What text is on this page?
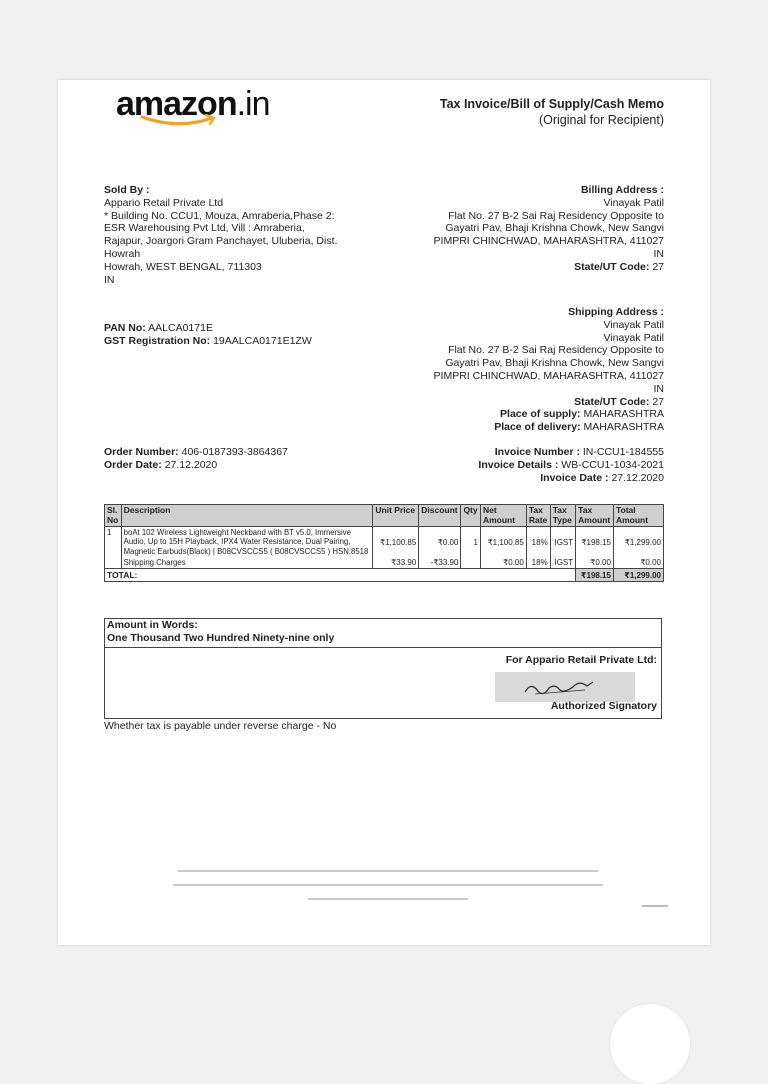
amazon.in	Tax Invoice/Bill of Supply/Cash Memo
(Original for Recipient)
Sold By :
Appario Retail Private Ltd
* Building No. CCU1, Mouza, Amraberia,Phase 2:
ESR Warehousing Pvt Ltd, Vill : Amraberia,
Rajapur, Joargori Gram Panchayet, Uluberia, Dist.
Howrah
Howrah, WEST BENGAL, 711303
IN
PAN No: AALCA0171E
GST Registration No: 19AALCA0171E1ZW
Billing Address :
Vinayak Patil
Flat No. 27 B-2 Sai Raj Residency Opposite to
Gayatri Pav, Bhaji Krishna Chowk, New Sangvi
PIMPRI CHINCHWAD, MAHARASHTRA, 411027
IN
State/UT Code: 27
Shipping Address :
Vinayak Patil
Vinayak Patil
Flat No. 27 B-2 Sai Raj Residency Opposite to
Gayatri Pav, Bhaji Krishna Chowk, New Sangvi
PIMPRI CHINCHWAD, MAHARASHTRA, 411027
IN
State/UT Code: 27
Place of supply: MAHARASHTRA
Place of delivery: MAHARASHTRA
Order Number: 406-0187393-3864367
Order Date: 27.12.2020
Invoice Number : IN-CCU1-184555
Invoice Details : WB-CCU1-1034-2021
Invoice Date : 27.12.2020
Sl. No	Description	Unit Price	Discount	Qty	Net Amount	Tax Rate	Tax Type	Tax Amount	Total Amount
1	boAt 102 Wireless Lightweight Neckband with BT v5.0, Immersive Audio, Up to 15H Playback, IPX4 Water Resistance, Dual Pairing, Magnetic Earbuds(Black) | B08CVSCCS5 ( B08CVSCCS5 ) HSN:8518	₹1,100.85	₹0.00	1	₹1,100.85	18%	IGST	₹198.15	₹1,299.00
	Shipping Charges	₹33.90	-₹33.90		₹0.00	18%	IGST	₹0.00	₹0.00
TOTAL:								₹198.15	₹1,299.00
Amount in Words:
One Thousand Two Hundred Ninety-nine only
For Appario Retail Private Ltd:
Authorized Signatory
Whether tax is payable under reverse charge - No
